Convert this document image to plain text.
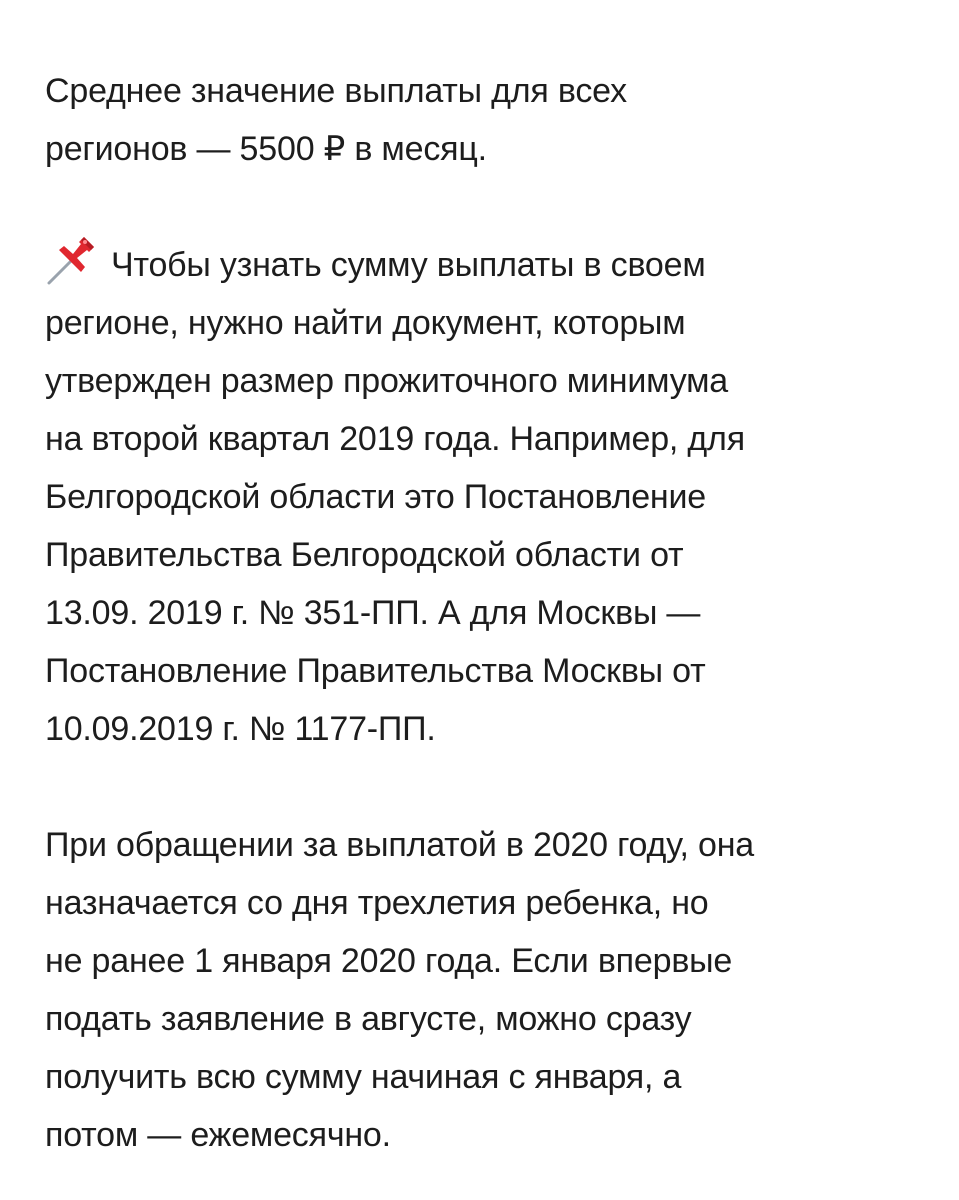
Среднее значение выплаты для всех
регионов — 5500 ₽ в месяц.
Чтобы узнать сумму выплаты в своем
регионе, нужно найти документ, которым
утвержден размер прожиточного минимума
на второй квартал 2019 года. Например, для
Белгородской области это Постановление
Правительства Белгородской области от
13.09. 2019 г. № 351-ПП. А для Москвы —
Постановление Правительства Москвы от
10.09.2019 г. № 1177-ПП.
При обращении за выплатой в 2020 году, она
назначается со дня трехлетия ребенка, но
не ранее 1 января 2020 года. Если впервые
подать заявление в августе, можно сразу
получить всю сумму начиная с января, а
потом — ежемесячно.
